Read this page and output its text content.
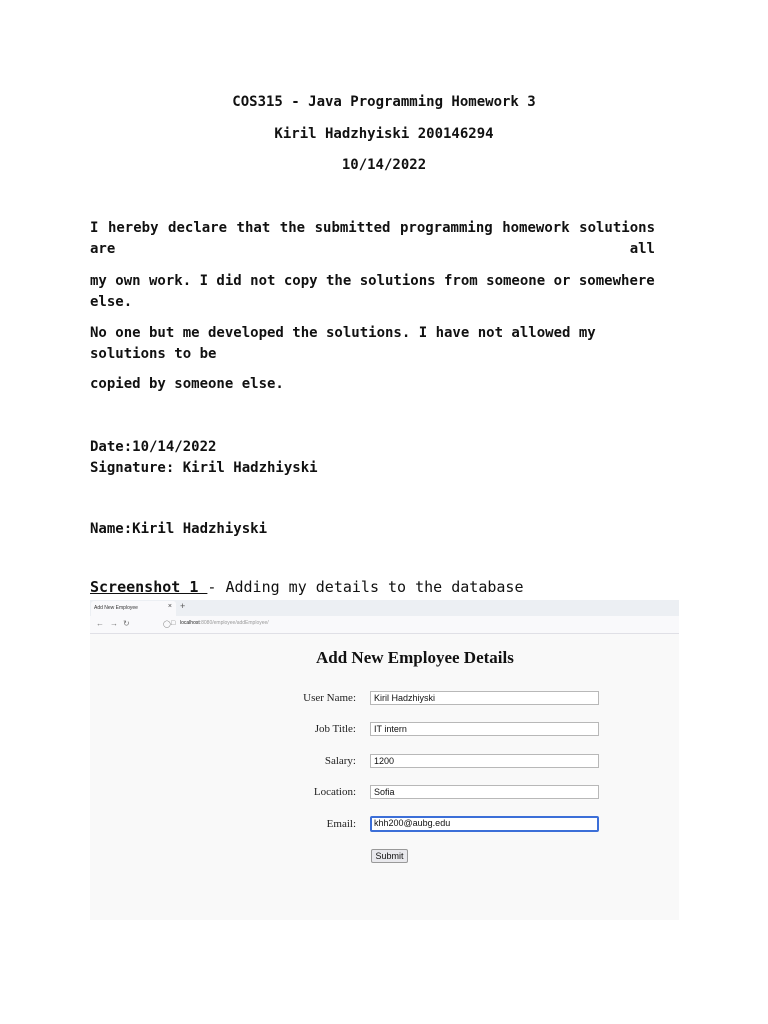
COS315 - Java Programming Homework 3
Kiril Hadzhyiski 200146294
10/14/2022
I hereby declare that the submitted programming homework solutions are all
my own work. I did not copy the solutions from someone or somewhere else.
No one but me developed the solutions. I have not allowed my solutions to be
copied by someone else.
Date:10/14/2022
Signature: Kiril Hadzhiyski
Name:Kiril Hadzhiyski
Screenshot 1 - Adding my details to the database
Add New Employee	× +
← → ↻	◯ □ localhost:8080/employee/addEmployee/
Add New Employee Details
User Name:	Kiril Hadzhiyski
Job Title:	IT intern
Salary:	1200
Location:	Sofia
Email:	khh200@aubg.edu
Submit
